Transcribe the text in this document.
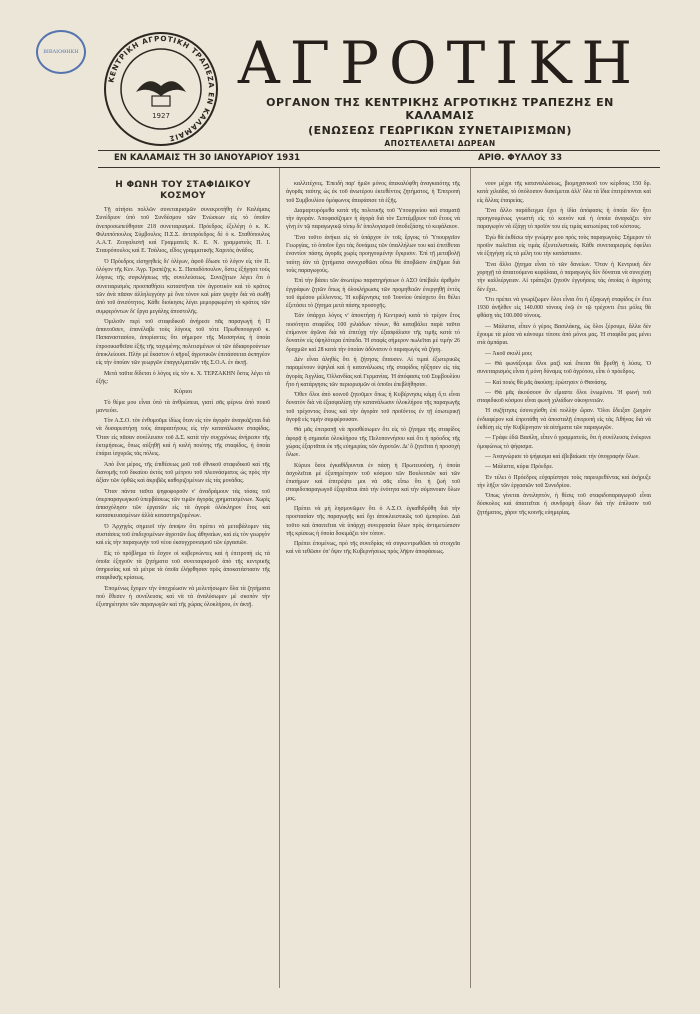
ΒΙΒΛΙΟΘΗΚΗ
ΚΕΝΤΡΙΚΗ ΑΓΡΟΤΙΚΗ ΤΡΑΠΕΖΑ ΕΝ ΚΑΛΑΜΑΙΣ
1927
ΑΓΡΟΤΙΚΗ
ΟΡΓΑΝΟΝ ΤΗΣ ΚΕΝΤΡΙΚΗΣ ΑΓΡΟΤΙΚΗΣ ΤΡΑΠΕΖΗΣ ΕΝ ΚΑΛΑΜΑΙΣ
(ΕΝΩΣΕΩΣ ΓΕΩΡΓΙΚΩΝ ΣΥΝΕΤΑΙΡΙΣΜΩΝ)
ΑΠΟΣΤΕΛΛΕΤΑΙ ΔΩΡΕΑΝ
ΕΝ ΚΑΛΑΜΑΙΣ ΤΗ 30 ΙΑΝΟΥΑΡΙΟΥ 1931	ΑΡΙΘ. ΦΥΛΛΟΥ 33
Η ΦΩΝΗ ΤΟΥ ΣΤΑΦΙΔΙΚΟΥ ΚΟΣΜΟΥ

Τῇ αἰτήσει πολλῶν συνεταιρισμῶν συνεκροτήθη ἐν Καλάμαις Συνέδριον ὑπὸ τοῦ Συνδέσμου τῶν Ἑνώσεων εἰς τὸ ὁποῖον ἀνεπροσωπεύθησαν 218 συνεταιρισμοί. Πρόεδρος ἐξελέγη ὁ κ. Κ. Φιλιππόπουλος Σύμβουλος Π.Σ.Σ. ἀντιπρόεδρος δὲ ὁ κ. Σταθόπουλος Α.Α.Τ. Ζευγαλιστῆ καὶ Γραμματεῖς Κ. Ε. Ν. γραμματεὺς Π. Ι. Σταυρόπουλος καὶ Ε. Τσάλιος, εἴδος γραμματικῆς Χαριτὸς ἀνάδος.

Ὁ Πρόεδρος εἰσηγηθεὶς δι' ὀλίγων, ἀφοῦ ἔδωσε τὸ λόγον εἰς τὸν Π. ὁλόγον τῆς Κεν. Ἀγρ. Τραπέζης κ. Σ. Παπαδόπουλον, ὅστις ἐξήγησε τοὺς λόγους τῆς συγκλήσεως τῆς συνελεύσεως. Συνεζήτων λέγει ὅτι ὁ συνεταιρισμὸς προσπαθήσει καταστῆναι τὸν ἀγροτικὸν καὶ τὸ κράτος τῶν ἀνὰ πᾶσαν ἀλληλεγγύην μὲ ὅνα τόνον καὶ μίαν ψυχὴν διὰ νὰ σωθῇ ἀπὸ τοῦ ἀνισότητος. Κάθε διοίκησις λέγει μεμορφωμένη τὸ κράτος τῶν συμφερόντων δι' ἔργα μεγάλης ἀποστολῆς.

Ὁμιλοῦν περὶ τοῦ σταφιδικοῦ ἀνήρεσε πᾶς παραγωγὴ ἡ Π ἀπαιτοῦσεν, ἐπανέλαβε τοὺς λόγους τοῦ τότε Πρωθυπουργοῦ κ. Παπαναστασίου, ἀπορίαντες ὅτι σήμερον τῆς Μεσσηνίας ἡ ὁποία ἐπροοικισθεῖσα ἐξῆς τῆς ταχυμένης πολιτισμένων οἱ τῶν ἀδιαφορούντων ἀποκλείουσι. Πλὴν μὲ ἕκαστον ὁ κῆρυξ ἀγροτικῶν ἐπιτάσσεται ἐκπηγέον εἰς τὴν ὁποίαν τῶν γεωργῶν ἐπαγγελματιῶν τῆς Σ.Ο.Α. ἐν ἀκτῇ.

Μετὰ ταῦτα δίδεται ὁ λόγος εἰς τὸν κ. Χ. ΤΕΡΖΑΚΗΝ ὅστις λέγει τὰ ἑξῆς:

Κύριοι

Τὸ θέμα μου εἶναι ὑπὸ τὰ ἀνθρώπεια, γιατὶ σᾶς φέρνω ἀπὸ ποιοῦ μαντεύει.

Τὸν Α.Σ.Ο. τὸν ἐνθυμοῦμε ἰδίως ὅταν εἰς τὸν ἀγορὰν ἀναγκάζεται διὰ νὰ δυσαρεστήσῃ τοὺς ἀπαραιτήτους εἰς τὴν κατανάλωσιν σταφίδας. Ὅταν εἰς πᾶσαν συνέλευσιν τοῦ Δ.Σ. κατὰ τὴν συγχρόνως ἀνήρεσιν τῆς ἐκτιμήσεως, ὅπως αὐξηθῇ καὶ ἡ καλὴ ποιότης τῆς σταφίδος, ἡ ὁποία ἐπάρει ἰσχυρῶς τὰς πόλεις.

Ἀπὸ ἕνα μέρος, τῆς ἐπιθέσεως μοῦ τοῦ ἐθνικοῦ σταφιδικοῦ καὶ τῆς διανομῆς τοῦ δικαίου ἐκτὸς τοῦ μέτρου τοῦ πλεονάσματος ὡς πρὸς τὴν ἀξίαν τῶν ὀρθῶς καὶ ἀκριβῶς καθοριζομένων εἰς τὰς μονάδας.

Ὅταν πάντα ταῦτα ψηφοφοροῦν ν' ἀναδράμουν τὰς τόσας τοῦ ὑπερπαραγωγικοῦ ὑπερβάσεως τῶν τιμῶν ἀγοράς χρηματισμένων. Χωρὶς ἀπασχόλησιν τῶν ἐργατῶν εἰς τὰ ἀγορὰ ὁλόκληρον ἔτος καὶ κατασκευασμένων ἀλλὰ καταστηριζομένων.

Ὁ Ἀρχηγὸς σημειοῖ τὴν ἀποψιν ὅτι πρέπει νὰ μεταβάλομεν τὰς συστάσεις τοῦ ἐπιδεχομένων ἀγροτῶν ἔως ἀθηναίων, καὶ εἰς τὸν γεωργὸν καὶ εἰς τὴν παραγωγὴν τοῦ νέου ἐκσυγχρονισμοῦ τῶν ἐργασιῶν.

Εἰς τὸ πρόβλημα τὸ ἔσχον οἱ κυβερνώντες καὶ ἡ ἐπιτροπή εἰς τὰ ὁποῖα ἐξηγοῦν τὰ ζητήματα τοῦ συνεταιρισμοῦ ἀπὸ τῆς κεντρικῆς ὑπηρεσίας καὶ τὰ μέτρα τὰ ὁποῖα ἐλήφθησαν πρὸς ἀποκατάστασιν τῆς σταφιδικῆς κρίσεως.

Ἐπομένως ἔχομεν τὴν ὑποχρέωσιν νὰ μελετήσωμεν ὅλα τὰ ζητήματα ποὺ ἔθεσεν ἡ συνέλευσις καὶ νὰ τὰ ἀναλύσωμεν μὲ σκοπὸν τὴν ἐξυπηρέτησιν τῶν παραγωγῶν καὶ τῆς χώρας ὁλοκλήρου, ἐν ἀκτῇ.

καλλιτέχνες. Ἐπειδὴ παρ' ἡμῶν μόνος ἀπεκαλύφθη ἀναγκαιότης τῆς ἀγορᾶς ταύτης ὡς ἐκ τοῦ ἀνωτέρου ἐκτεθέντος ζητήματος, ἡ Ἐπιτροπή τοῦ Συμβουλίου ὁμόφωνος ἀπεφάσισε τὰ ἑξῆς.

Διαμαρτυρόμεθα κατὰ τῆς πολιτικῆς τοῦ Ὑπουργείου καὶ σταματᾷ τὴν ἀγορὰν. Ἀποφασίζομεν ἡ ἀγορὰ διὰ τὸν Σεπτέμβριον τοῦ ἔτους νὰ γίνῃ ἐν τῷ παραγωγικῷ τόπῳ δι' ὑπολογισμοῦ ὑποδεξάσης τὸ κεφάλαιον.

Ἔνα τοῦτο ἀνήκει εἰς τὸ ὑπάρχον ἐν τοῖς ἔργοις τὸ Ὑπουργεῖον Γεωργίας, τὸ ὁποῖον ἔχει τὰς δυνάμεις τῶν ὑπαλλήλων του καὶ ἐπιτίθεται ἐναντίον πάσης ἀγορᾶς χωρὶς προηγουμένην ἔγκρισιν. Ἐπὶ τῇ μεταβολῇ ταύτῃ ἐὰν τὰ ζητήματα συνεχισθῶσι οὕτω θὰ ἀποβῶσιν ἐπιζήμια διὰ τοὺς παραγωγούς.

Ἐπὶ τὴν βάσει τῶν ἀνωτέρω παρατηρήσεων ὁ ΑΣΟ ὑπέβαλε ἀριθμὸν ἐγγράφων ζητῶν ὅπως ἡ ὀλοκλήρωσις τῶν προμηθειῶν ἐνεργηθῇ ἐντὸς τοῦ ἀμέσου μέλλοντος. Ἡ κυβέρνησις τοῦ Ἰουνίου ὑπέσχετο ὅτι θέλει ἐξετάσει τὸ ζήτημα μετὰ πάσης προσοχῆς.

Ἐάν ὑπάρχει λόγος ν' ἀποκτήσῃ ἡ Κεντρικὴ κατὰ τὸ τρέχον ἔτος ποσότητα σταφίδος 100 χιλιάδων τόνων, θὰ καταβάλει παρὰ ταῦτα ἐπίμονον ἀγῶνα διὰ νὰ ἐπιτύχῃ τὴν ἐξασφάλισιν τῆς τιμῆς κατὰ τὸ δυνατὸν εἰς ὑψηλότερα ἐπίπεδα. Ἡ σταφὶς σήμερον πωλεῖται μὲ τιμὴν 26 δραχμῶν καὶ 28 κατὰ τὴν ὁποίαν ἀδύνατον ὁ παραγωγὸς νὰ ζήσῃ.

Δὲν εἶναι ἀληθὲς ὅτι ἡ ζήτησις ἔπαυσεν. Αἱ τιμαὶ ἐξωτερικῶς παραμένουν ὑψηλαὶ καὶ ἡ κατανάλωσις τῆς σταφίδος ηὔξησεν εἰς τὰς ἀγορὰς Ἀγγλίας, Ὁλλανδίας καὶ Γερμανίας. Ἡ ἀπόφασις τοῦ Συμβουλίου ἦτο ἡ κατάργησις τῶν περιορισμῶν οἱ ὁποῖοι ἐπεβλήθησαν.

Ὅθεν ὅλοι ἀπὸ κοινοῦ ζητοῦμεν ὅπως ἡ Κυβέρνησις κάμῃ ὅ,τι εἶναι δυνατὸν διὰ νὰ ἐξασφαλίσῃ τὴν κατανάλωσιν ὁλοκλήρου τῆς παραγωγῆς τοῦ τρέχοντος ἔτους καὶ τὴν ἀγορὰν τοῦ προϊόντος ἐν τῇ ἐσωτερικῇ ἀγορᾷ εἰς τιμὴν συμφέρουσαν.

Θὰ μᾶς ἐπιτραπῇ νὰ προσθέσωμεν ὅτι εἰς τὸ ζήτημα τῆς σταφίδος ἀφορᾷ ἡ σημασία ὁλοκλήρου τῆς Πελοποννήσου καὶ ὅτι ἡ πρόοδος τῆς χώρας ἐξαρτᾶται ἐκ τῆς εὐημερίας τῶν ἀγροτῶν. Δι' ὃ ζητεῖται ἡ προσοχὴ ὅλων.

Κύριοι ὅσοι ἐγκαθίδρυνται ἐν πάσῃ ἡ Πρωτευούσῃ, ἡ ὁποία ἀσχολεῖται μὲ ἐξυπηρέτησιν τοῦ κόσμου τῶν Βουλευτῶν καὶ τῶν ἐπισήμων καὶ ἐπιτρέψτε μοι νὰ σᾶς εἴπω ὅτι ἡ ζωὴ τοῦ σταφιδοπαραγωγοῦ ἐξαρτᾶται ἀπὸ τὴν ἐνότητα καὶ τὴν σύμπνοιαν ὅλων μας.

Πρέπει νὰ μὴ λησμονῶμεν ὅτι ὁ Α.Σ.Ο. ἐγκαθιδρύθη διὰ τὴν προστασίαν τῆς παραγωγῆς καὶ ὄχι ἀποκλειστικῶς τοῦ ἐμπορίου. Διὰ τοῦτο καὶ ἀπαιτεῖται νὰ ὑπάρχῃ συνεργασία ὅλων πρὸς ἀντιμετώπισιν τῆς κρίσεως ἡ ὁποία δοκιμάζει τὸν τόπον.

Πρέπει ἐπομένως, πρὸ τῆς συνεδρίας νὰ συγκεντρωθῶσι τὰ στοιχεῖα καὶ νὰ τεθῶσιν ὑπ' ὄψιν τῆς Κυβερνήσεως πρὸς λῆψιν ἀποφάσεως.

νουν μέχρι τῆς καταναλώσεως, βιομηχανικοῦ τον κέρδους 150 δρ. κατὰ χιλιάδα, τὸ ὑπόλοιπον διανέμεται ἀλλ' ὅλα τὰ ἴδια ἐπιτρέπονται καὶ εἰς ἄλλας ἐταιρείας.

Ἔνα ἄλλο παράδειγμα ἔχει ἡ ἰδία ἀπόφασις ἡ ὁποία δὲν ἦτο προηγουμένως γνωστὴ εἰς τὸ κοινὸν καὶ ἡ ὁποία ἀναγκάζει τὸν παραγωγὸν νὰ ἐξάγῃ τὸ προϊὸν του εἰς τιμὰς κατωτέρας τοῦ κόστους.

Ἐγὼ θὰ ἐκθέσω τὴν γνώμην μου πρὸς τοὺς παραγωγοὺς: Σήμερον τὸ προϊὸν πωλεῖται εἰς τιμὰς ἐξευτελιστικάς. Κάθε συνεταιρισμὸς ὀφείλει νὰ ἐξηγήσῃ εἰς τὰ μέλη του τὴν κατάστασιν.

Ἔνα ἄλλο ζήτημα εἶναι τὸ τῶν δανείων. Ὅταν ἡ Κεντρικὴ δὲν χορηγῇ τὰ ἀπαιτούμενα κεφάλαια, ὁ παραγωγὸς δὲν δύναται νὰ συνεχίσῃ τὴν καλλιέργειαν. Αἱ τράπεζαι ζητοῦν ἐγγυήσεις τὰς ὁποίας ὁ ἀγρότης δὲν ἔχει.

Ὅτι πρέπει νὰ γνωρίζωμεν ὅλοι εἶναι ὅτι ἡ ἐξαγωγὴ σταφίδος ἐν ἔτει 1930 ἀνῆλθεν εἰς 140.000 τόνους ἐνῷ ἐν τῷ τρέχοντι ἔτει μόλις θὰ φθάσῃ τὰς 100.000 τόνους.

— Μάλιστα, εἶπεν ὁ γέρος Βασιλάκης, ὡς ὅλοι ξέρουμε, ἄλλα δὲν ἔχουμε τὰ μέσα νὰ κάνουμε τίποτε ἀπὸ μόνοι μας. Ἡ σταφίδα μας μένει στὰ ἀμπάρια.

— Ἀκοῦ σκυλί μου;

— Θὰ φωνάξουμε ὅλοι μαζὶ καὶ ἔπειτα θὰ βρεθῇ ἡ λύσις. Ὁ συνεταιρισμὸς εἶναι ἡ μόνη δύναμις τοῦ ἀγρότου, εἶπε ὁ πρόεδρος.

— Καὶ ποιὸς θὰ μᾶς ἀκούσῃ; ἐρώτησεν ὁ Θανάσης.

— Θὰ μᾶς ἀκούσουν ἂν εἴμαστε ὅλοι ἑνωμένοι. Ἡ φωνὴ τοῦ σταφιδικοῦ κόσμου εἶναι φωνὴ χιλιάδων οἰκογενειῶν.

Ἡ συζήτησις ἐσυνεχίσθη ἐπὶ πολλὴν ὥραν. Ὅλοι ἔδειξαν ζωηρὸν ἐνδιαφέρον καὶ ἐπροτάθη νὰ ἀποσταλῇ ἐπιτροπὴ εἰς τὰς Ἀθήνας διὰ νὰ ἐκθέσῃ εἰς τὴν Κυβέρνησιν τὰ αἰτήματα τῶν παραγωγῶν.

— Γράφε ἐδῶ Βασίλη, εἶπεν ὁ γραμματεύς, ὅτι ἡ συνέλευσις ἐνέκρινε ὁμοφώνως τὸ ψήφισμα.

— Ἀναγνώρισε τὸ ψήφισμα καὶ ἐβεβαίωσε τὴν ὑπογραφὴν ὅλων.

— Μάλιστα, κύριε Πρόεδρε.

Ἐν τέλει ὁ Πρόεδρος εὐχαρίστησε τοὺς παρευρεθέντας καὶ ἐκήρυξε τὴν λῆξιν τῶν ἐργασιῶν τοῦ Συνεδρίου.

Ὅπως γίνεται ἀντιληπτόν, ἡ θέσις τοῦ σταφιδοπαραγωγοῦ εἶναι δύσκολος καὶ ἀπαιτεῖται ἡ συνδρομὴ ὅλων διὰ τὴν ἐπίλυσιν τοῦ ζητήματος, χάριν τῆς κοινῆς εὐημερίας.
